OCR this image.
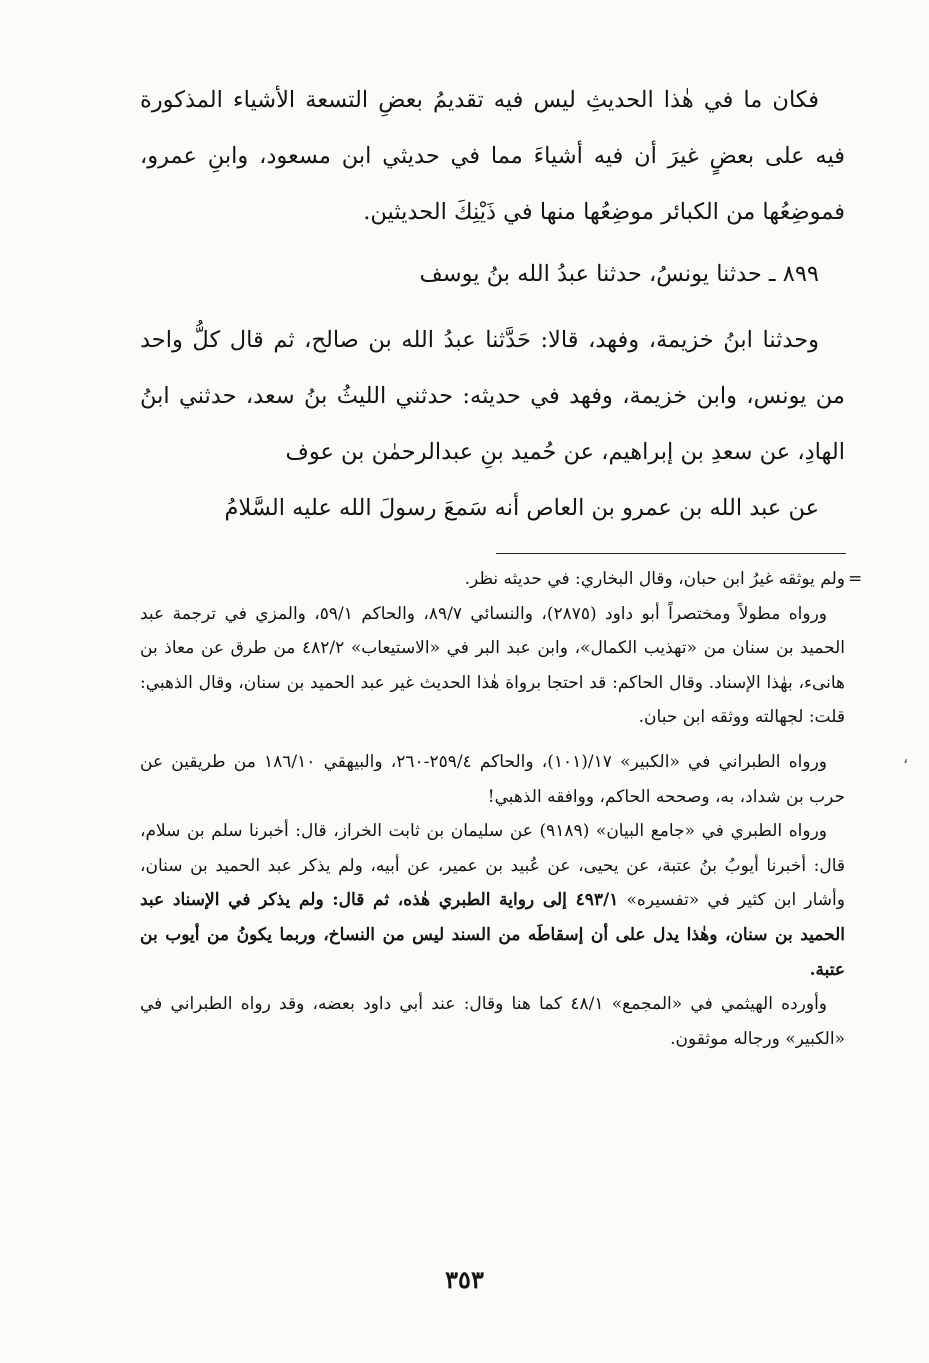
فكان ما في هٰذا الحديثِ ليس فيه تقديمُ بعضِ التسعة الأشياء المذكورة فيه على بعضٍ غيرَ أن فيه أشياءَ مما في حديثي ابن مسعود، وابنِ عمرو، فموضِعُها من الكبائر موضِعُها منها في ذَيْنِكَ الحديثين.

٨٩٩ ـ حدثنا يونسُ، حدثنا عبدُ الله بنُ يوسف

وحدثنا ابنُ خزيمة، وفهد، قالا: حَدَّثنا عبدُ الله بن صالح، ثم قال كلُّ واحد من يونس، وابن خزيمة، وفهد في حديثه: حدثني الليثُ بنُ سعد، حدثني ابنُ الهادِ، عن سعدِ بن إبراهيم، عن حُميد بنِ عبدالرحمٰن بن عوف

عن عبد الله بن عمرو بن العاص أنه سَمعَ رسولَ الله عليه السَّلامُ

=

ولم يوثقه غيرُ ابن حبان، وقال البخاري: في حديثه نظر.

ورواه مطولاً ومختصراً أبو داود (٢٨٧٥)، والنسائي ٨٩/٧، والحاكم ٥٩/١، والمزي في ترجمة عبد الحميد بن سنان من «تهذيب الكمال»، وابن عبد البر في «الاستيعاب» ٤٨٢/٢ من طرق عن معاذ بن هانىء، بهٰذا الإسناد. وقال الحاكم: قد احتجا برواة هٰذا الحديث غير عبد الحميد بن سنان، وقال الذهبي: قلت: لجهالته ووثقه ابن حبان.

ورواه الطبراني في «الكبير» ١٧/(١٠١)، والحاكم ٢٥٩/٤-٢٦٠، والبيهقي ١٨٦/١٠ من طريقين عن حرب بن شداد، به، وصححه الحاكم، ووافقه الذهبي!

ورواه الطبري في «جامع البيان» (٩١٨٩) عن سليمان بن ثابت الخراز، قال: أخبرنا سلم بن سلام، قال: أخبرنا أيوبُ بنُ عتبة، عن يحيى، عن عُبيد بن عمير، عن أبيه، ولم يذكر عبد الحميد بن سنان، وأشار ابن كثير في «تفسيره» ٤٩٣/١ إلى رواية الطبري هٰذه، ثم قال: ولم يذكر في الإسناد عبد الحميد بن سنان، وهٰذا يدل على أن إسقاطَه من السند ليس من النساخ، وربما يكونُ من أيوب بن عتبة.

وأورده الهيثمي في «المجمع» ٤٨/١ كما هنا وقال: عند أبي داود بعضه، وقد رواه الطبراني في «الكبير» ورجاله موثقون.

،
٣٥٣
